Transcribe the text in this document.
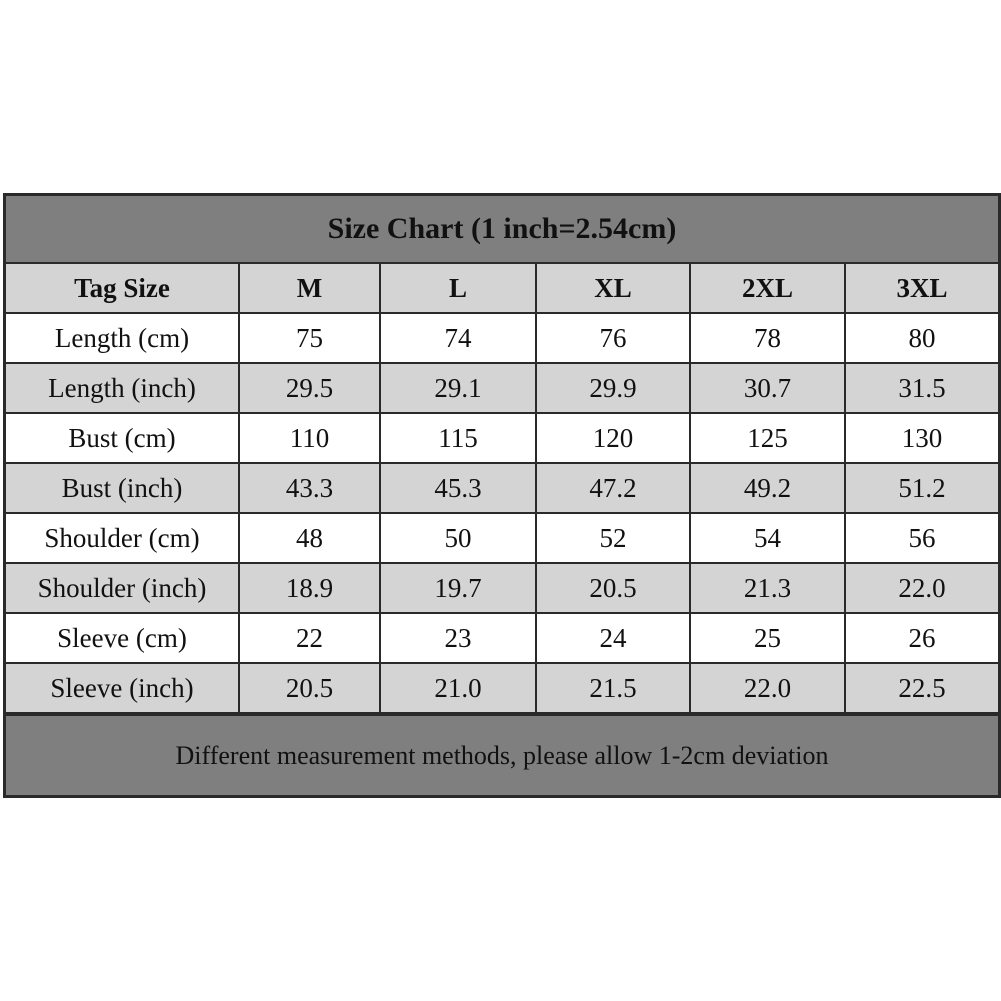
Size Chart (1 inch=2.54cm)
Tag Size	M	L	XL	2XL	3XL
Length (cm)	75	74	76	78	80
Length (inch)	29.5	29.1	29.9	30.7	31.5
Bust (cm)	110	115	120	125	130
Bust (inch)	43.3	45.3	47.2	49.2	51.2
Shoulder (cm)	48	50	52	54	56
Shoulder (inch)	18.9	19.7	20.5	21.3	22.0
Sleeve (cm)	22	23	24	25	26
Sleeve (inch)	20.5	21.0	21.5	22.0	22.5
Different measurement methods, please allow 1-2cm deviation
